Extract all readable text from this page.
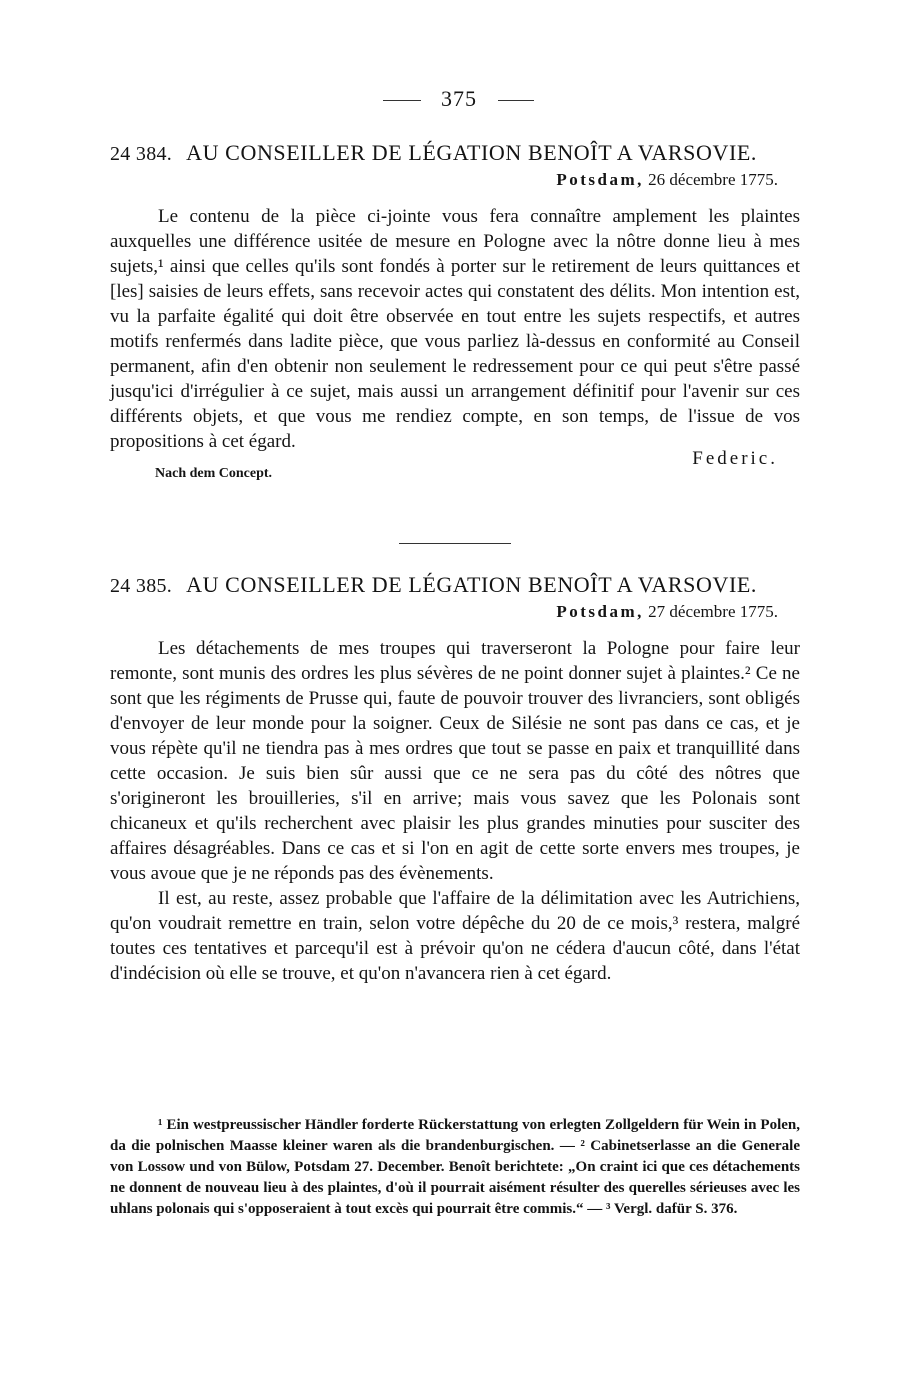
375
24 384. AU CONSEILLER DE LÉGATION BENOÎT A VARSOVIE.
Potsdam, 26 décembre 1775.

Le contenu de la pièce ci-jointe vous fera connaître amplement les plaintes auxquelles une différence usitée de mesure en Pologne avec la nôtre donne lieu à mes sujets,¹ ainsi que celles qu'ils sont fondés à porter sur le retirement de leurs quittances et [les] saisies de leurs effets, sans recevoir actes qui constatent des délits. Mon intention est, vu la parfaite égalité qui doit être observée en tout entre les sujets respectifs, et autres motifs renfermés dans ladite pièce, que vous parliez là-dessus en conformité au Conseil permanent, afin d'en obtenir non seulement le redressement pour ce qui peut s'être passé jusqu'ici d'irrégulier à ce sujet, mais aussi un arrangement définitif pour l'avenir sur ces différents objets, et que vous me rendiez compte, en son temps, de l'issue de vos propositions à cet égard.

Federic.
Nach dem Concept.
24 385. AU CONSEILLER DE LÉGATION BENOÎT A VARSOVIE.
Potsdam, 27 décembre 1775.

Les détachements de mes troupes qui traverseront la Pologne pour faire leur remonte, sont munis des ordres les plus sévères de ne point donner sujet à plaintes.² Ce ne sont que les régiments de Prusse qui, faute de pouvoir trouver des livranciers, sont obligés d'envoyer de leur monde pour la soigner. Ceux de Silésie ne sont pas dans ce cas, et je vous répète qu'il ne tiendra pas à mes ordres que tout se passe en paix et tranquillité dans cette occasion. Je suis bien sûr aussi que ce ne sera pas du côté des nôtres que s'origineront les brouilleries, s'il en arrive; mais vous savez que les Polonais sont chicaneux et qu'ils recherchent avec plaisir les plus grandes minuties pour susciter des affaires désagréables. Dans ce cas et si l'on en agit de cette sorte envers mes troupes, je vous avoue que je ne réponds pas des évènements.

Il est, au reste, assez probable que l'affaire de la délimitation avec les Autrichiens, qu'on voudrait remettre en train, selon votre dépêche du 20 de ce mois,³ restera, malgré toutes ces tentatives et parcequ'il est à prévoir qu'on ne cédera d'aucun côté, dans l'état d'indécision où elle se trouve, et qu'on n'avancera rien à cet égard.

¹ Ein westpreussischer Händler forderte Rückerstattung von erlegten Zollgeldern für Wein in Polen, da die polnischen Maasse kleiner waren als die brandenburgischen. — ² Cabinetserlasse an die Generale von Lossow und von Bülow, Potsdam 27. December. Benoît berichtete: „On craint ici que ces détachements ne donnent de nouveau lieu à des plaintes, d'où il pourrait aisément résulter des querelles sérieuses avec les uhlans polonais qui s'opposeraient à tout excès qui pourrait être commis.“ — ³ Vergl. dafür S. 376.
